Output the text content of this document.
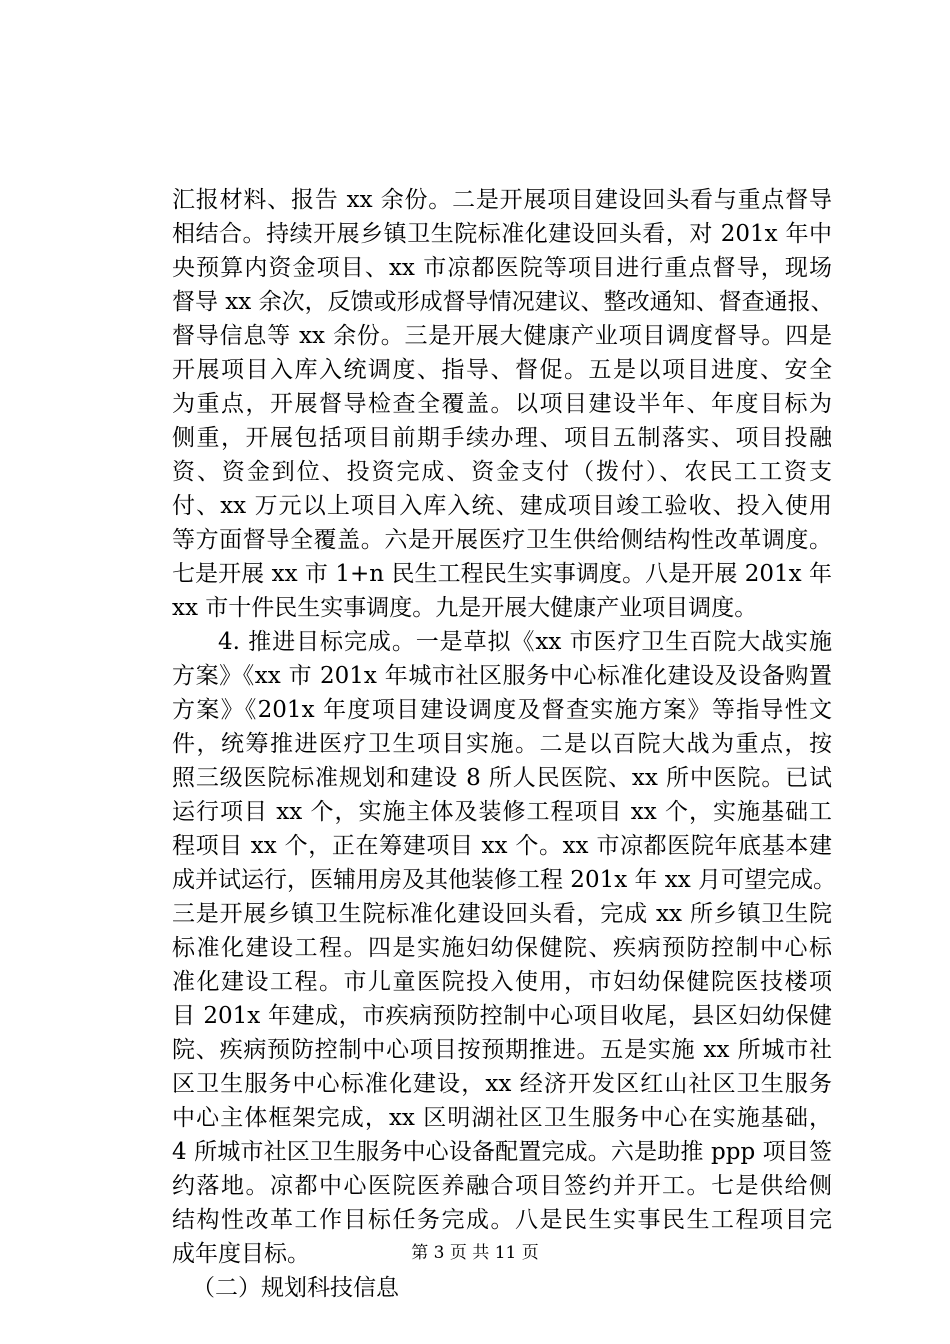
汇报材料、报告 xx 余份。二是开展项目建设回头看与重点督导
相结合。持续开展乡镇卫生院标准化建设回头看，对 201x 年中
央预算内资金项目、xx 市凉都医院等项目进行重点督导，现场
督导 xx 余次，反馈或形成督导情况建议、整改通知、督查通报、
督导信息等 xx 余份。三是开展大健康产业项目调度督导。四是
开展项目入库入统调度、指导、督促。五是以项目进度、安全
为重点，开展督导检查全覆盖。以项目建设半年、年度目标为
侧重，开展包括项目前期手续办理、项目五制落实、项目投融
资、资金到位、投资完成、资金支付（拨付）、农民工工资支
付、xx 万元以上项目入库入统、建成项目竣工验收、投入使用
等方面督导全覆盖。六是开展医疗卫生供给侧结构性改革调度。
七是开展 xx 市 1+n 民生工程民生实事调度。八是开展 201x 年
xx 市十件民生实事调度。九是开展大健康产业项目调度。
4. 推进目标完成。一是草拟《xx 市医疗卫生百院大战实施
方案》《xx 市 201x 年城市社区服务中心标准化建设及设备购置
方案》《201x 年度项目建设调度及督查实施方案》等指导性文
件，统筹推进医疗卫生项目实施。二是以百院大战为重点，按
照三级医院标准规划和建设 8 所人民医院、xx 所中医院。已试
运行项目 xx 个，实施主体及装修工程项目 xx 个，实施基础工
程项目 xx 个，正在筹建项目 xx 个。xx 市凉都医院年底基本建
成并试运行，医辅用房及其他装修工程 201x 年 xx 月可望完成。
三是开展乡镇卫生院标准化建设回头看，完成 xx 所乡镇卫生院
标准化建设工程。四是实施妇幼保健院、疾病预防控制中心标
准化建设工程。市儿童医院投入使用，市妇幼保健院医技楼项
目 201x 年建成，市疾病预防控制中心项目收尾，县区妇幼保健
院、疾病预防控制中心项目按预期推进。五是实施 xx 所城市社
区卫生服务中心标准化建设，xx 经济开发区红山社区卫生服务
中心主体框架完成，xx 区明湖社区卫生服务中心在实施基础，
4 所城市社区卫生服务中心设备配置完成。六是助推 ppp 项目签
约落地。凉都中心医院医养融合项目签约并开工。七是供给侧
结构性改革工作目标任务完成。八是民生实事民生工程项目完
成年度目标。
（二）规划科技信息
第 3 页 共 11 页
